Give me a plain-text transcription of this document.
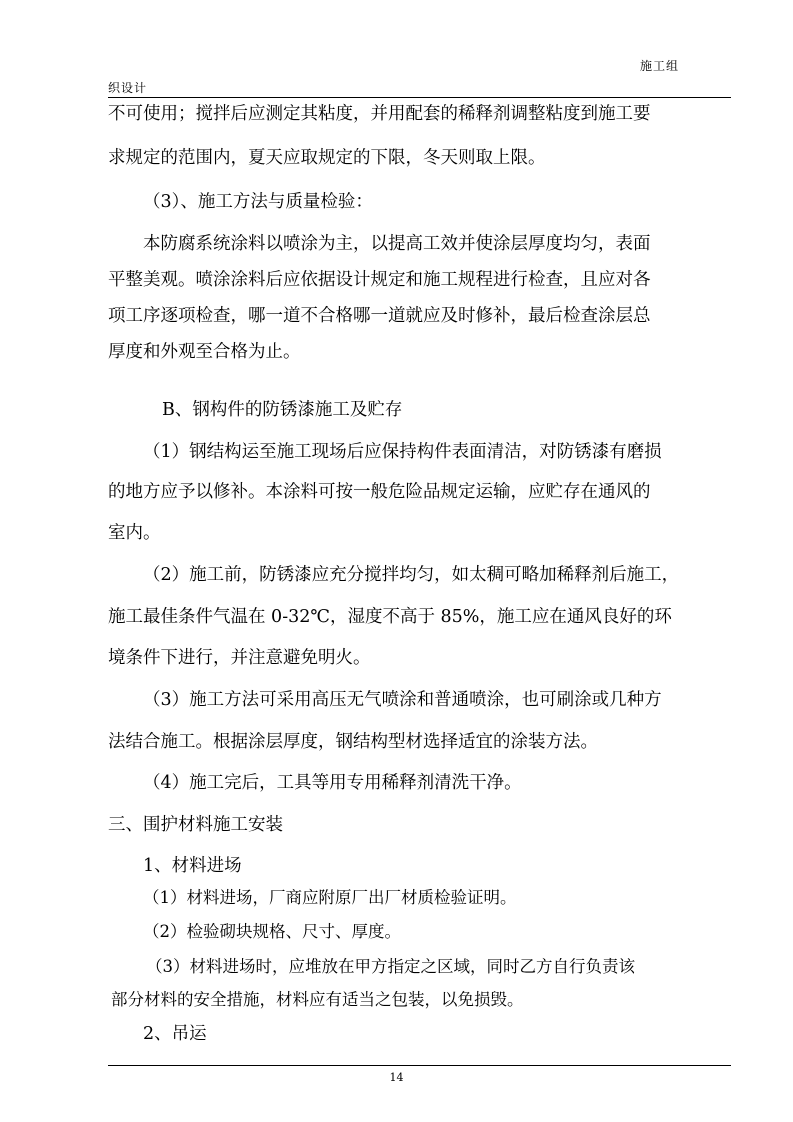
施工组
织设计
不可使用；搅拌后应测定其粘度，并用配套的稀释剂调整粘度到施工要
求规定的范围内，夏天应取规定的下限，冬天则取上限。
（3）、施工方法与质量检验：
本防腐系统涂料以喷涂为主，以提高工效并使涂层厚度均匀，表面
平整美观。喷涂涂料后应依据设计规定和施工规程进行检查，且应对各
项工序逐项检查，哪一道不合格哪一道就应及时修补，最后检查涂层总
厚度和外观至合格为止。
B、钢构件的防锈漆施工及贮存
（1）钢结构运至施工现场后应保持构件表面清洁，对防锈漆有磨损
的地方应予以修补。本涂料可按一般危险品规定运输，应贮存在通风的
室内。
（2）施工前，防锈漆应充分搅拌均匀，如太稠可略加稀释剂后施工，
施工最佳条件气温在 0-32℃，湿度不高于 85%，施工应在通风良好的环
境条件下进行，并注意避免明火。
（3）施工方法可采用高压无气喷涂和普通喷涂，也可刷涂或几种方
法结合施工。根据涂层厚度，钢结构型材选择适宜的涂装方法。
（4）施工完后，工具等用专用稀释剂清洗干净。
三、围护材料施工安装
1、材料进场
（1）材料进场，厂商应附原厂出厂材质检验证明。
（2）检验砌块规格、尺寸、厚度。
（3）材料进场时，应堆放在甲方指定之区域，同时乙方自行负责该
部分材料的安全措施，材料应有适当之包装，以免损毁。
2、吊运
14
